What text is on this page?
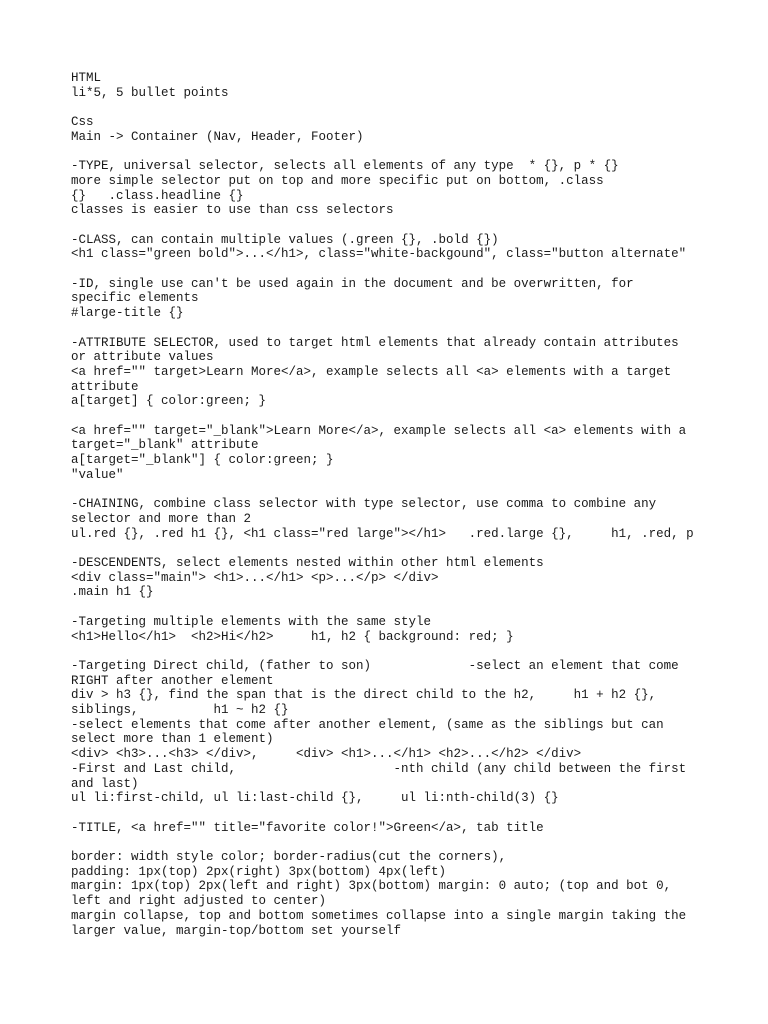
HTML
li*5, 5 bullet points
Css
Main -> Container (Nav, Header, Footer)
-TYPE, universal selector, selects all elements of any type  * {}, p * {}
more simple selector put on top and more specific put on bottom, .class
{}   .class.headline {}
classes is easier to use than css selectors
-CLASS, can contain multiple values (.green {}, .bold {})
<h1 class="green bold">...</h1>, class="white-backgound", class="button alternate"
-ID, single use can't be used again in the document and be overwritten, for
specific elements
#large-title {}
-ATTRIBUTE SELECTOR, used to target html elements that already contain attributes
or attribute values
<a href="" target>Learn More</a>, example selects all <a> elements with a target
attribute
a[target] { color:green; }
<a href="" target="_blank">Learn More</a>, example selects all <a> elements with a
target="_blank" attribute
a[target="_blank"] { color:green; }
"value"
-CHAINING, combine class selector with type selector, use comma to combine any
selector and more than 2
ul.red {}, .red h1 {}, <h1 class="red large"></h1>   .red.large {},     h1, .red, p
-DESCENDENTS, select elements nested within other html elements
<div class="main"> <h1>...</h1> <p>...</p> </div>
.main h1 {}
-Targeting multiple elements with the same style
<h1>Hello</h1>  <h2>Hi</h2>     h1, h2 { background: red; }
-Targeting Direct child, (father to son)             -select an element that come
RIGHT after another element
div > h3 {}, find the span that is the direct child to the h2,     h1 + h2 {},
siblings,          h1 ~ h2 {}
-select elements that come after another element, (same as the siblings but can
select more than 1 element)
<div> <h3>...<h3> </div>,     <div> <h1>...</h1> <h2>...</h2> </div>
-First and Last child,                     -nth child (any child between the first
and last)
ul li:first-child, ul li:last-child {},     ul li:nth-child(3) {}
-TITLE, <a href="" title="favorite color!">Green</a>, tab title
border: width style color; border-radius(cut the corners),
padding: 1px(top) 2px(right) 3px(bottom) 4px(left)
margin: 1px(top) 2px(left and right) 3px(bottom) margin: 0 auto; (top and bot 0,
left and right adjusted to center)
margin collapse, top and bottom sometimes collapse into a single margin taking the
larger value, margin-top/bottom set yourself
